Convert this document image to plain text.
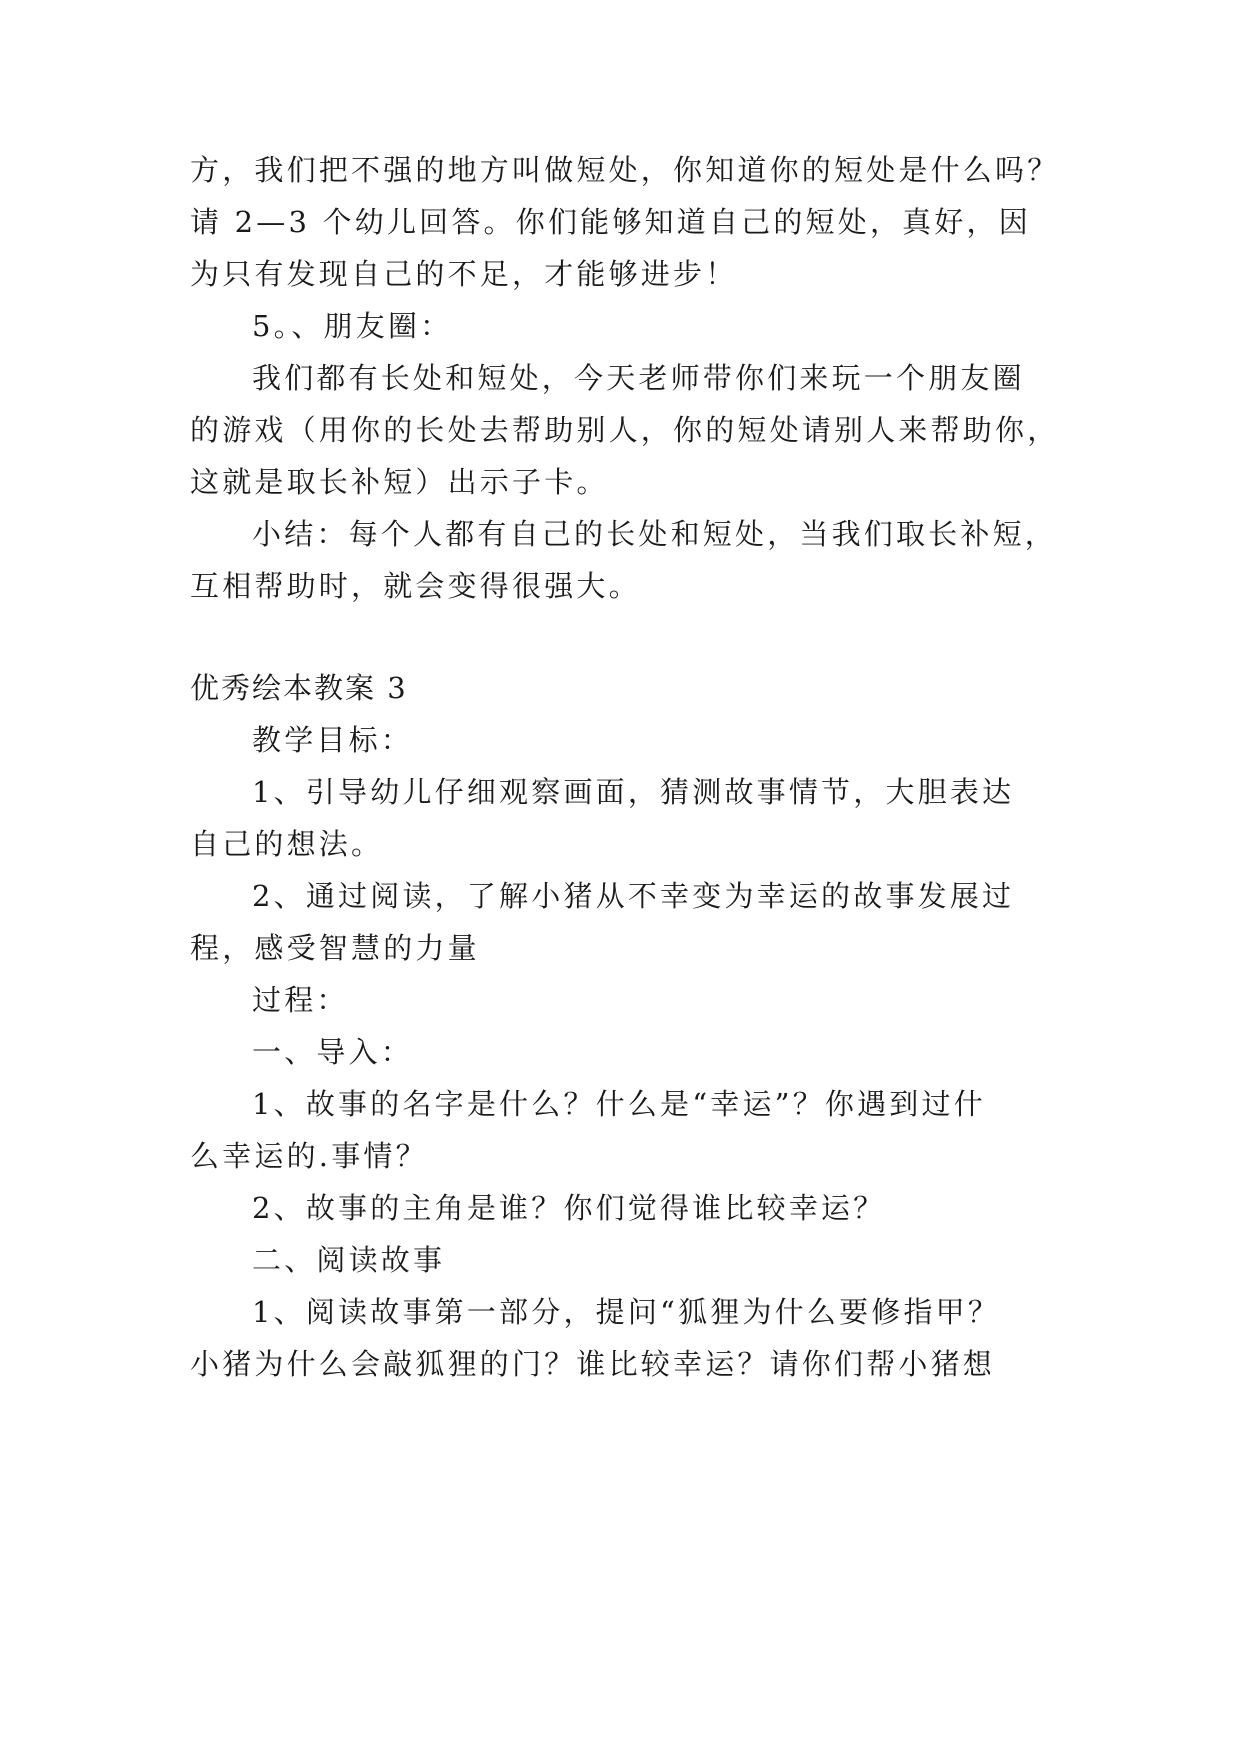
方，我们把不强的地方叫做短处，你知道你的短处是什么吗？
请 2—3 个幼儿回答。你们能够知道自己的短处，真好，因
为只有发现自己的不足，才能够进步！
5。、朋友圈：
我们都有长处和短处，今天老师带你们来玩一个朋友圈
的游戏（用你的长处去帮助别人，你的短处请别人来帮助你，
这就是取长补短）出示子卡。
小结：每个人都有自己的长处和短处，当我们取长补短，
互相帮助时，就会变得很强大。
优秀绘本教案 3
教学目标：
1、引导幼儿仔细观察画面，猜测故事情节，大胆表达
自己的想法。
2、通过阅读，了解小猪从不幸变为幸运的故事发展过
程，感受智慧的力量
过程：
一、导入：
1、故事的名字是什么？什么是“幸运”？你遇到过什
么幸运的.事情？
2、故事的主角是谁？你们觉得谁比较幸运？
二、阅读故事
1、阅读故事第一部分，提问“狐狸为什么要修指甲？
小猪为什么会敲狐狸的门？谁比较幸运？请你们帮小猪想
